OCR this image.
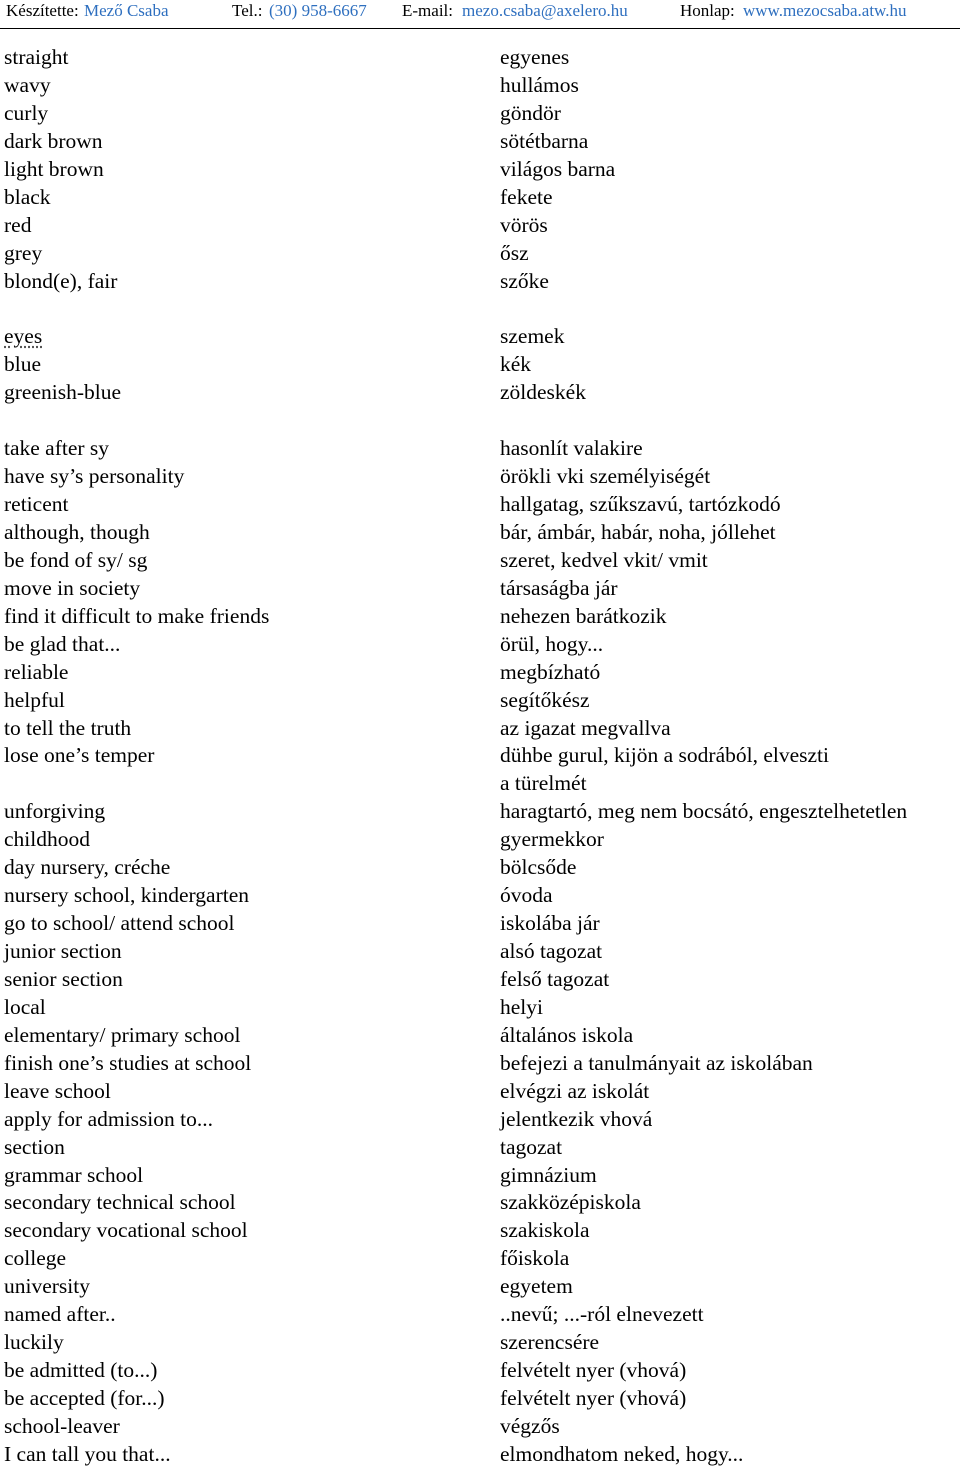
Készítette: Mező Csaba	Tel.: (30) 958-6667 E-mail: mezo.csaba@axelero.hu	Honlap: www.mezocsaba.atw.hu
straight
wavy
curly
dark brown
light brown
black
red
grey
blond(e), fair
eyes
blue
greenish-blue
take after sy
have sy’s personality
reticent
although, though
be fond of sy/ sg
move in society
find it difficult to make friends
be glad that...
reliable
helpful
to tell the truth
lose one’s temper
unforgiving
childhood
day nursery, créche
nursery school, kindergarten
go to school/ attend school
junior section
senior section
local
elementary/ primary school
finish one’s studies at school
leave school
apply for admission to...
section
grammar school
secondary technical school
secondary vocational school
college
university
named after..
luckily
be admitted (to...)
be accepted (for...)
school-leaver
I can tall you that...
egyenes
hullámos
göndör
sötétbarna
világos barna
fekete
vörös
ősz
szőke
szemek
kék
zöldeskék
hasonlít valakire
örökli vki személyiségét
hallgatag, szűkszavú, tartózkodó
bár, ámbár, habár, noha, jóllehet
szeret, kedvel vkit/ vmit
társaságba jár
nehezen barátkozik
örül, hogy...
megbízható
segítőkész
az igazat megvallva
dühbe gurul, kijön a sodrából, elveszti
a türelmét
haragtartó, meg nem bocsátó, engesztelhetetlen
gyermekkor
bölcsőde
óvoda
iskolába jár
alsó tagozat
felső tagozat
helyi
általános iskola
befejezi a tanulmányait az iskolában
elvégzi az iskolát
jelentkezik vhová
tagozat
gimnázium
szakközépiskola
szakiskola
főiskola
egyetem
..nevű; ...-ról elnevezett
szerencsére
felvételt nyer (vhová)
felvételt nyer (vhová)
végzős
elmondhatom neked, hogy...
